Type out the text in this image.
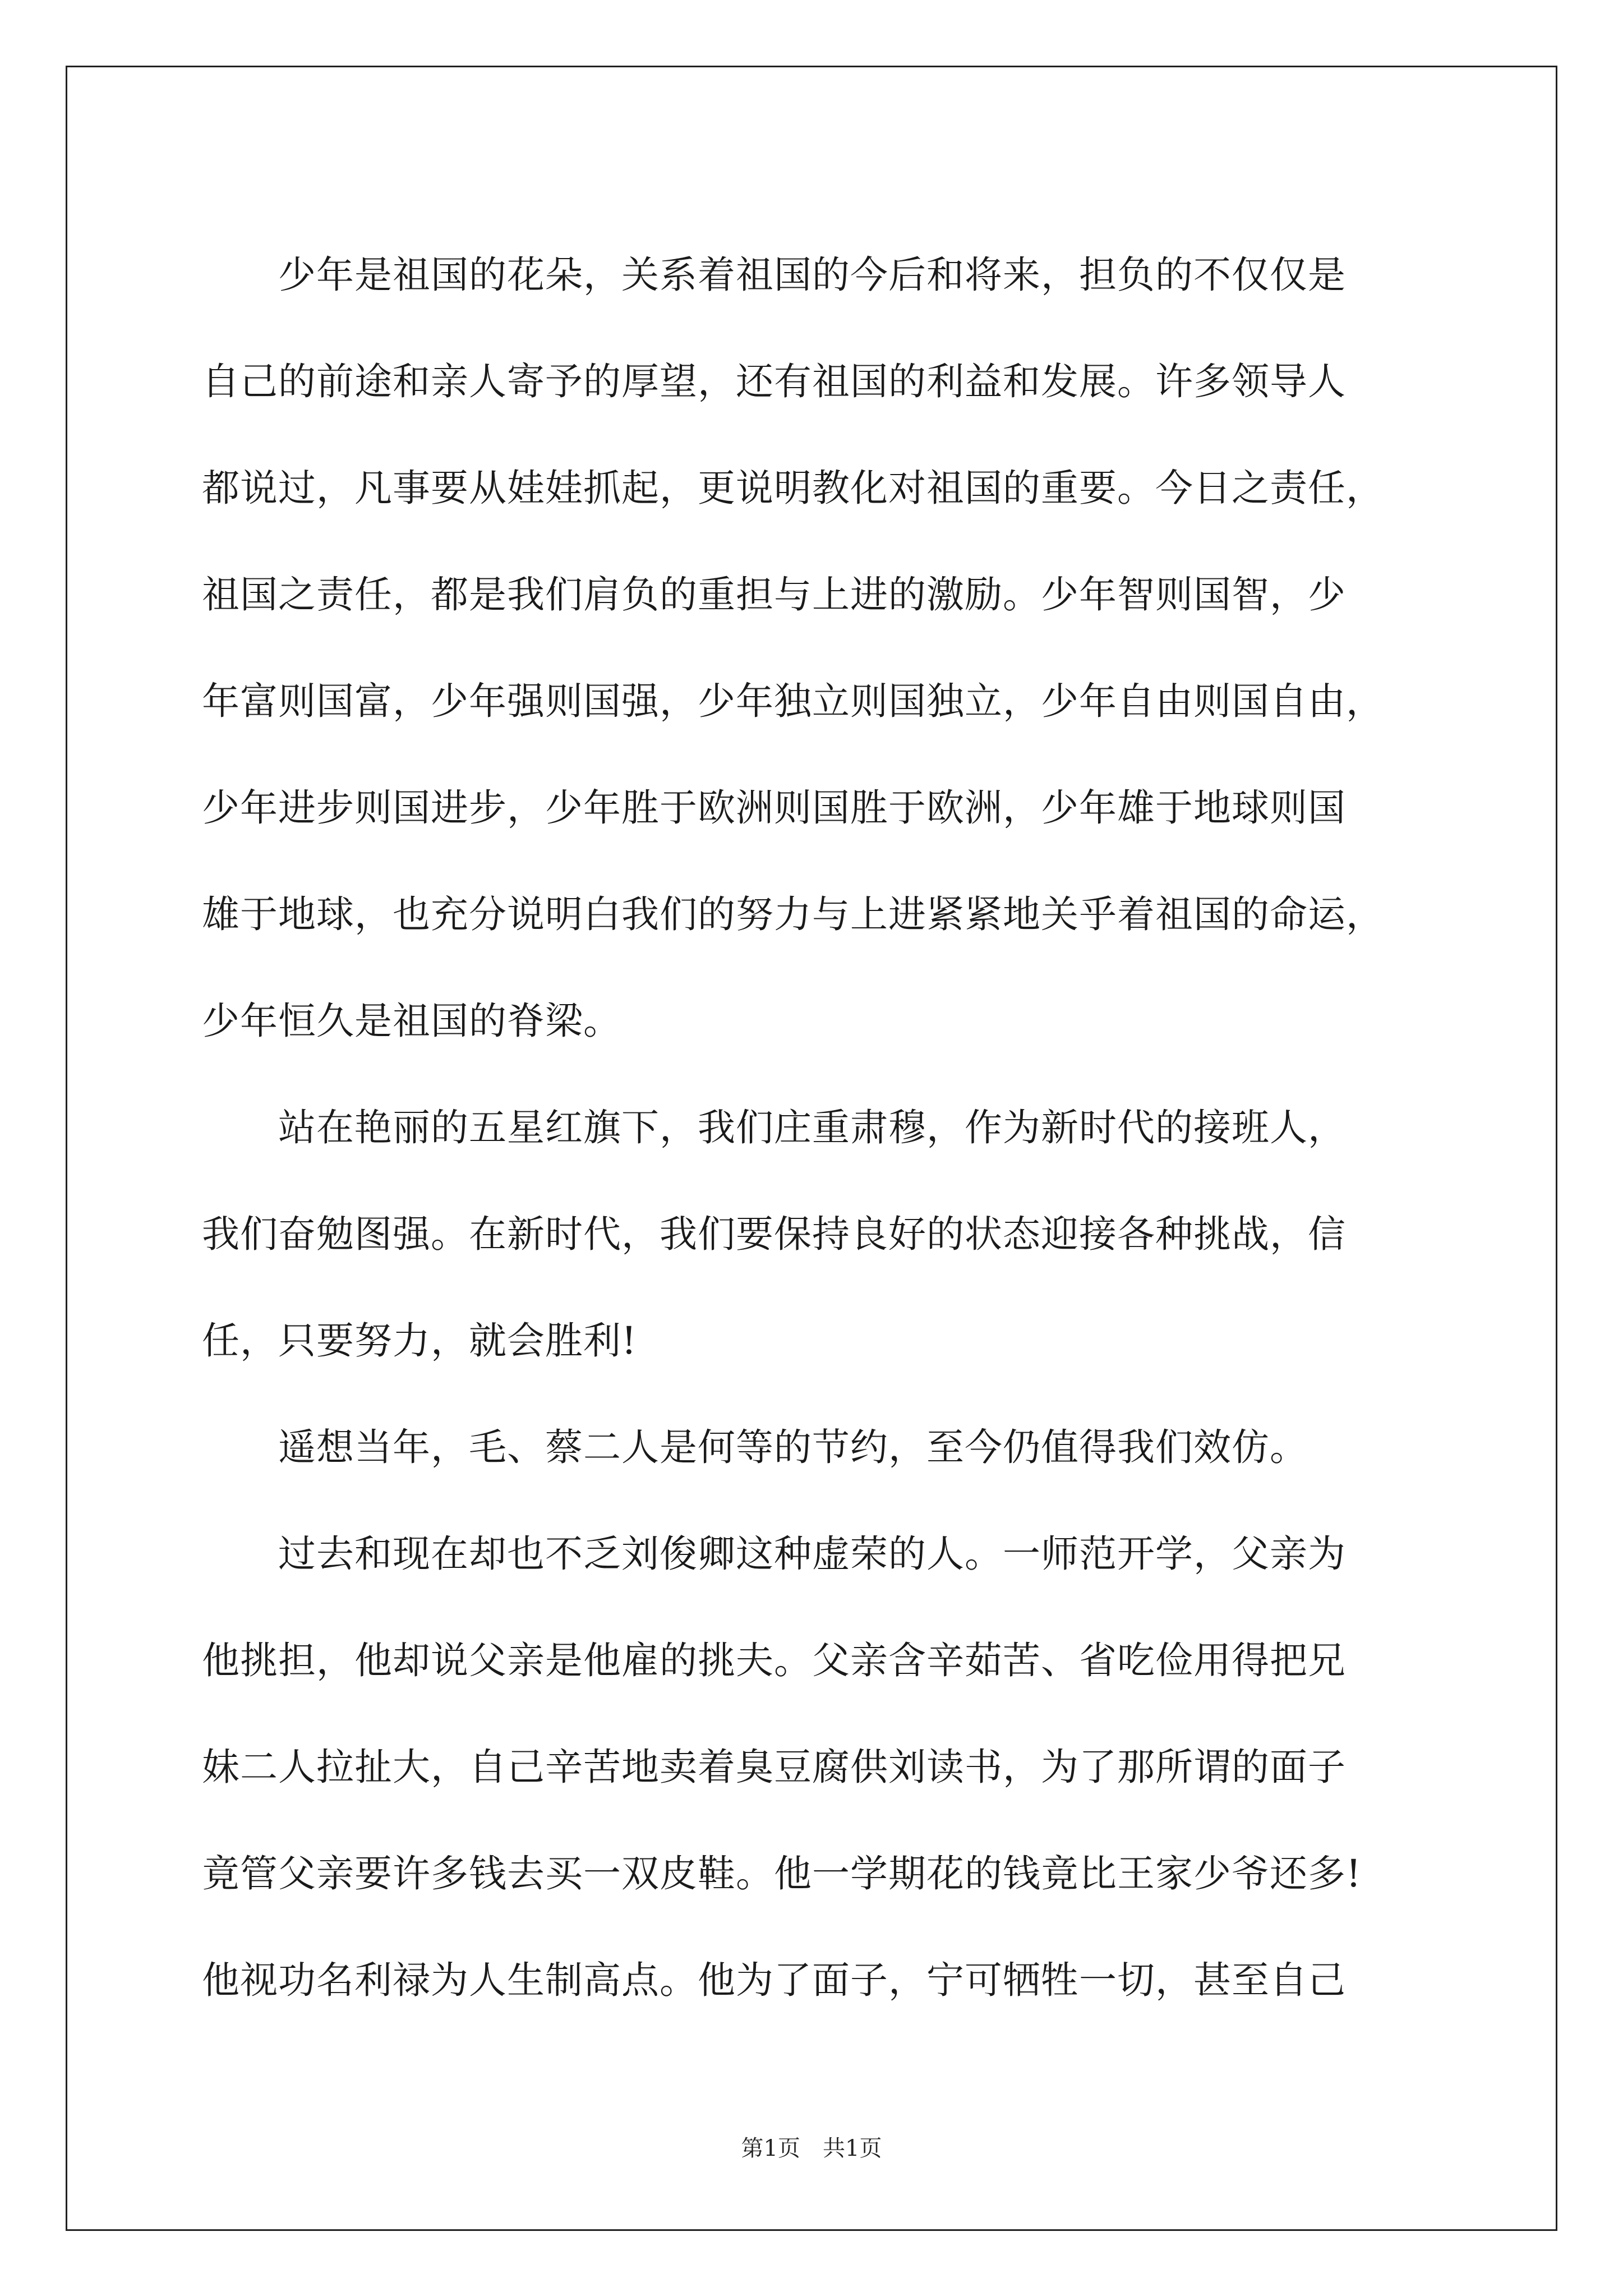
　　少年是祖国的花朵，关系着祖国的今后和将来，担负的不仅仅是
自己的前途和亲人寄予的厚望，还有祖国的利益和发展。许多领导人
都说过，凡事要从娃娃抓起，更说明教化对祖国的重要。今日之责任，
祖国之责任，都是我们肩负的重担与上进的激励。少年智则国智，少
年富则国富，少年强则国强，少年独立则国独立，少年自由则国自由，
少年进步则国进步，少年胜于欧洲则国胜于欧洲，少年雄于地球则国
雄于地球，也充分说明白我们的努力与上进紧紧地关乎着祖国的命运，
少年恒久是祖国的脊梁。
　　站在艳丽的五星红旗下，我们庄重肃穆，作为新时代的接班人，
我们奋勉图强。在新时代，我们要保持良好的状态迎接各种挑战，信
任，只要努力，就会胜利!
　　遥想当年，毛、蔡二人是何等的节约，至今仍值得我们效仿。
　　过去和现在却也不乏刘俊卿这种虚荣的人。一师范开学，父亲为
他挑担，他却说父亲是他雇的挑夫。父亲含辛茹苦、省吃俭用得把兄
妹二人拉扯大，自己辛苦地卖着臭豆腐供刘读书，为了那所谓的面子
竟管父亲要许多钱去买一双皮鞋。他一学期花的钱竟比王家少爷还多!
他视功名利禄为人生制高点。他为了面子，宁可牺牲一切，甚至自己
第1页　共1页
